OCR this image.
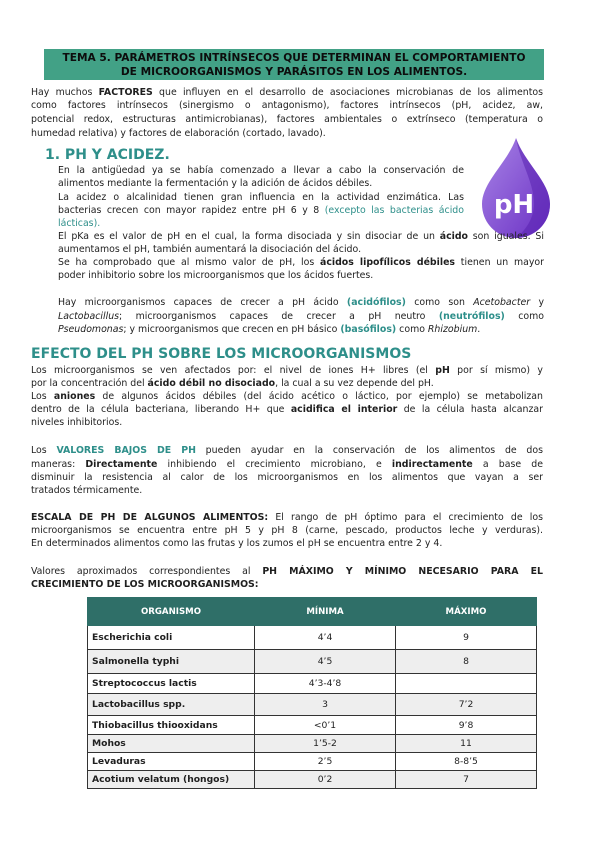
TEMA 5. PARÁMETROS INTRÍNSECOS QUE DETERMINAN EL COMPORTAMIENTO
DE MICROORGANISMOS Y PARÁSITOS EN LOS ALIMENTOS.
Hay muchos FACTORES que influyen en el desarrollo de asociaciones microbianas de los alimentos
como factores intrínsecos (sinergismo o antagonismo), factores intrínsecos (pH, acidez, aw,
potencial redox, estructuras antimicrobianas), factores ambientales o extrínseco (temperatura o
humedad relativa) y factores de elaboración (cortado, lavado).
1. PH Y ACIDEZ.
pH
En la antigüedad ya se había comenzado a llevar a cabo la conservación de
alimentos mediante la fermentación y la adición de ácidos débiles.
La acidez o alcalinidad tienen gran influencia en la actividad enzimática. Las
bacterias crecen con mayor rapidez entre pH 6 y 8 (excepto las bacterias ácido
lácticas).
El pKa es el valor de pH en el cual, la forma disociada y sin disociar de un ácido son iguales. Si
aumentamos el pH, también aumentará la disociación del ácido.
Se ha comprobado que al mismo valor de pH, los ácidos lipofílicos débiles tienen un mayor
poder inhibitorio sobre los microorganismos que los ácidos fuertes.
Hay microorganismos capaces de crecer a pH ácido (acidófilos) como son Acetobacter y
Lactobacillus; microorganismos capaces de crecer a pH neutro (neutrófilos) como
Pseudomonas; y microorganismos que crecen en pH básico (basófilos) como Rhizobium.
EFECTO DEL PH SOBRE LOS MICROORGANISMOS
Los microorganismos se ven afectados por: el nivel de iones H+ libres (el pH por sí mismo) y
por la concentración del ácido débil no disociado, la cual a su vez depende del pH.
Los aniones de algunos ácidos débiles (del ácido acético o láctico, por ejemplo) se metabolizan
dentro de la célula bacteriana, liberando H+ que acidifica el interior de la célula hasta alcanzar
niveles inhibitorios.
Los VALORES BAJOS DE PH pueden ayudar en la conservación de los alimentos de dos
maneras: Directamente inhibiendo el crecimiento microbiano, e indirectamente a base de
disminuir la resistencia al calor de los microorganismos en los alimentos que vayan a ser
tratados térmicamente.
ESCALA DE PH DE ALGUNOS ALIMENTOS: El rango de pH óptimo para el crecimiento de los
microorganismos se encuentra entre pH 5 y pH 8 (carne, pescado, productos leche y verduras).
En determinados alimentos como las frutas y los zumos el pH se encuentra entre 2 y 4.
Valores aproximados correspondientes al PH MÁXIMO Y MÍNIMO NECESARIO PARA EL
CRECIMIENTO DE LOS MICROORGANISMOS:
ORGANISMO	MÍNIMA	MÁXIMO
Escherichia coli	4’4	9
Salmonella typhi	4’5	8
Streptococcus lactis	4’3-4’8	
Lactobacillus spp.	3	7’2
Thiobacillus thiooxidans	<0’1	9’8
Mohos	1’5-2	11
Levaduras	2’5	8-8’5
Acotium velatum (hongos)	0’2	7
